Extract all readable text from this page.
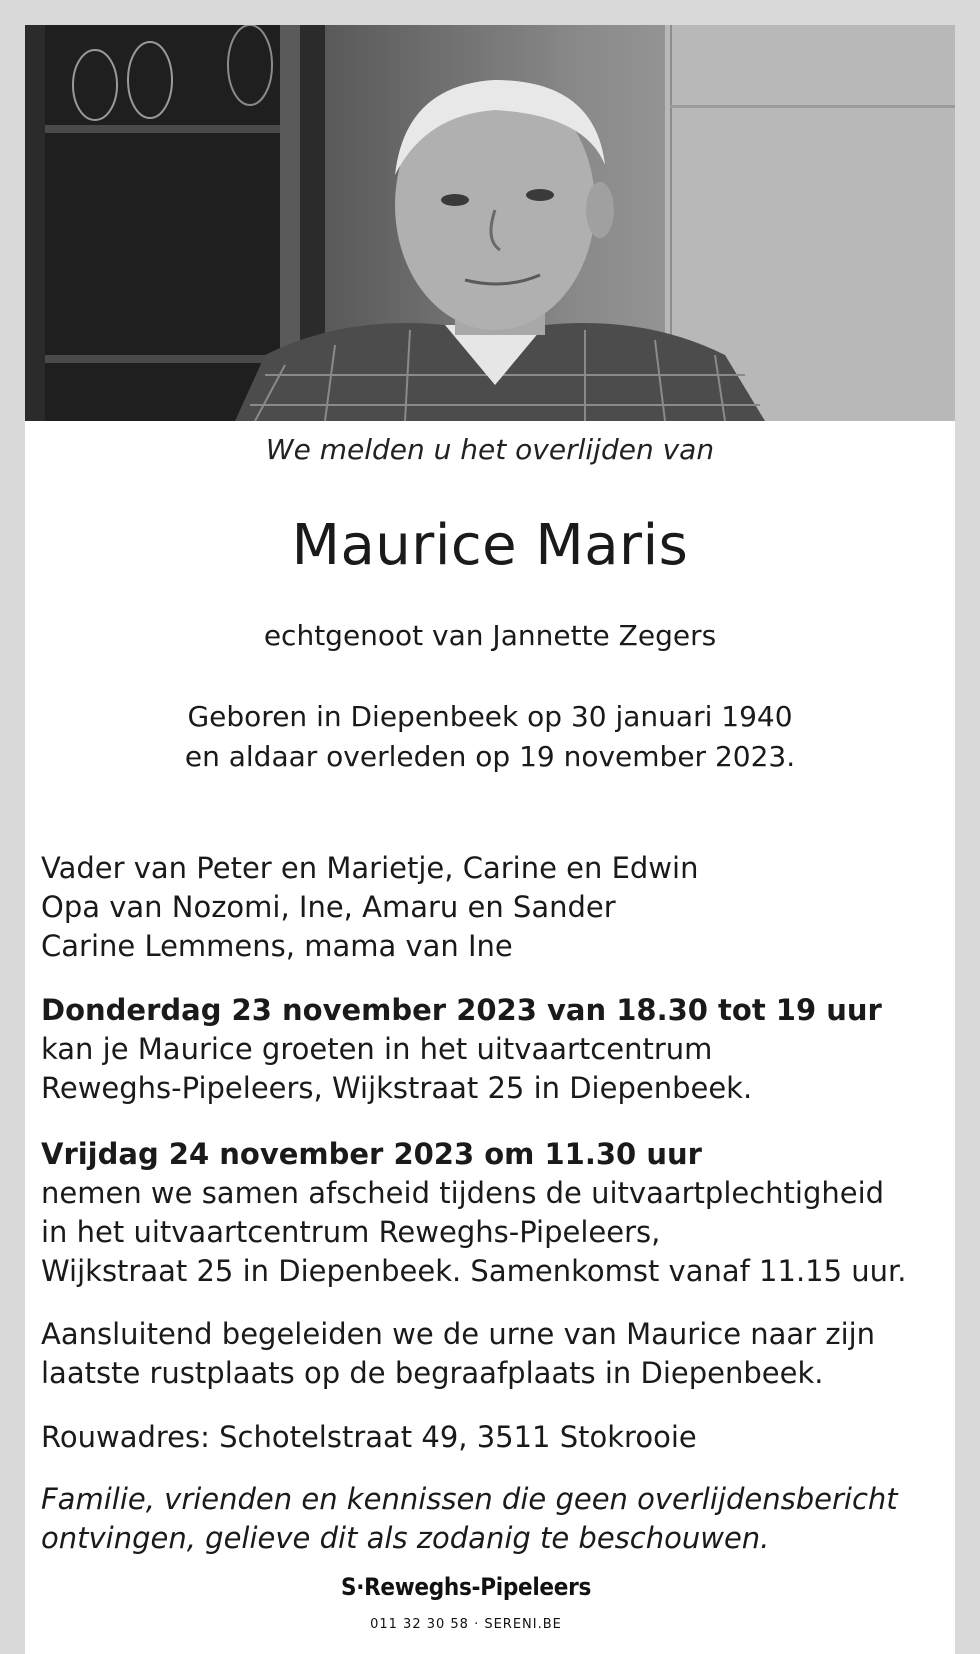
We melden u het overlijden van
Maurice Maris
echtgenoot van Jannette Zegers
Geboren in Diepenbeek op 30 januari 1940
en aldaar overleden op 19 november 2023.
Vader van Peter en Marietje, Carine en Edwin
Opa van Nozomi, Ine, Amaru en Sander
Carine Lemmens, mama van Ine
Donderdag 23 november 2023 van 18.30 tot 19 uur
kan je Maurice groeten in het uitvaartcentrum
Reweghs-Pipeleers, Wijkstraat 25 in Diepenbeek.
Vrijdag 24 november 2023 om 11.30 uur
nemen we samen afscheid tijdens de uitvaartplechtigheid
in het uitvaartcentrum Reweghs-Pipeleers,
Wijkstraat 25 in Diepenbeek. Samenkomst vanaf 11.15 uur.
Aansluitend begeleiden we de urne van Maurice naar zijn
laatste rustplaats op de begraafplaats in Diepenbeek.
Rouwadres: Schotelstraat 49, 3511 Stokrooie
Familie, vrienden en kennissen die geen overlijdensbericht
ontvingen, gelieve dit als zodanig te beschouwen.
S·Reweghs-Pipeleers
011 32 30 58 · SERENI.BE
